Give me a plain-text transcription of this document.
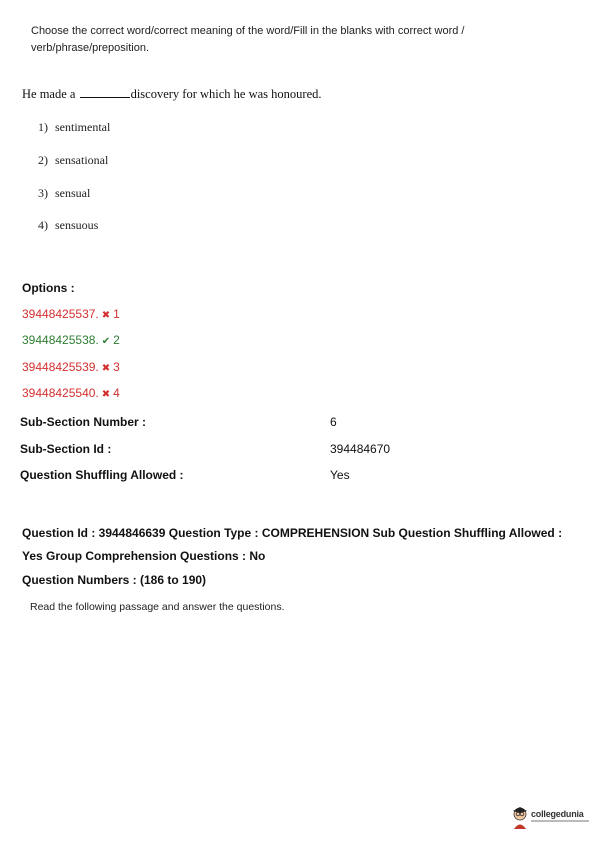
Choose the correct word/correct meaning of the word/Fill in the blanks with correct word / verb/phrase/preposition.
He made a	discovery for which he was honoured.
1) sentimental
2) sensational
3) sensual
4) sensuous
Options :
39448425537. ✖ 1
39448425538. ✔ 2
39448425539. ✖ 3
39448425540. ✖ 4
Sub-Section Number :	6
Sub-Section Id :	394484670
Question Shuffling Allowed :	Yes
Question Id : 3944846639 Question Type : COMPREHENSION Sub Question Shuffling Allowed : Yes Group Comprehension Questions : No
Question Numbers : (186 to 190)
Read the following passage and answer the questions.
collegedunia
